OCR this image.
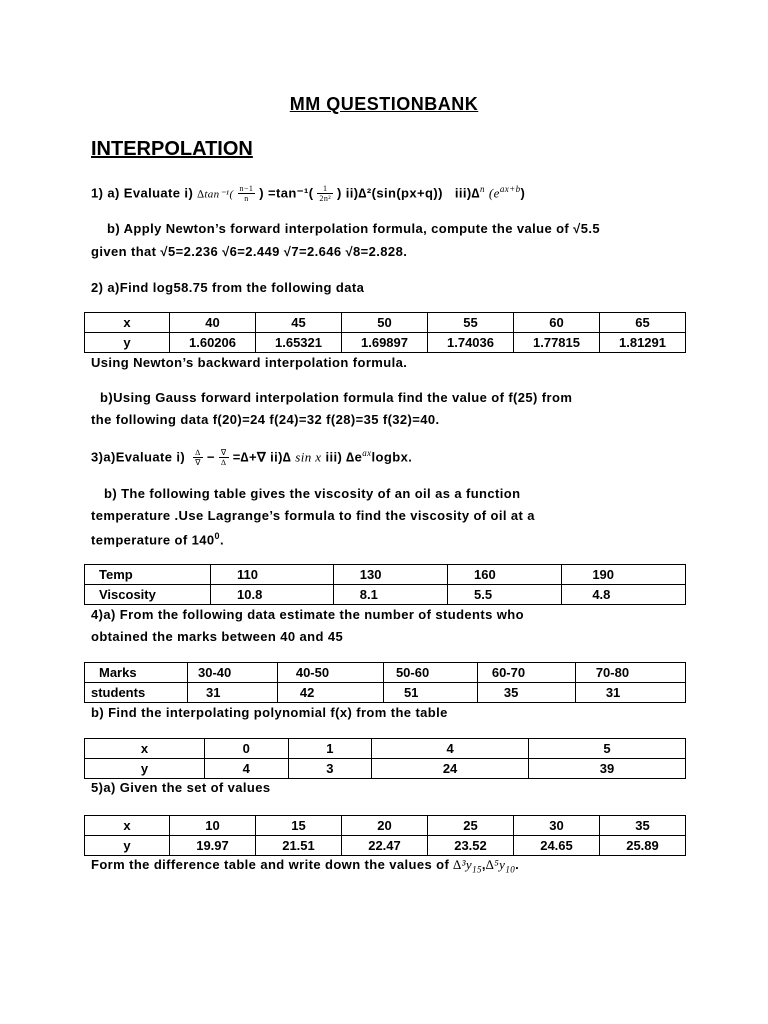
MM QUESTIONBANK
INTERPOLATION
1) a) Evaluate i) $\Delta\tan^{-1}( \frac{n-1}{n}$ ) $=\tan^{-1}( \frac{1}{\text{2n²}}$ ) ii)∆²(sin(px+q)) iii)∆$^n$ $(e^{ax+b})$
b) Apply Newton’s forward interpolation formula, compute the value of √5.5
given that √5=2.236 √6=2.449 √7=2.646 √8=2.828.
2) a)Find log58.75 from the following data
x	40	45	50	55	60	65
y	1.60206	1.65321	1.69897	1.74036	1.77815	1.81291
Using Newton’s backward interpolation formula.
b)Using Gauss forward interpolation formula find the value of f(25) from
the following data f(20)=24 f(24)=32 f(28)=35 f(32)=40.
3)a)Evaluate $i) \frac{\Delta}{\nabla} - \frac{\nabla}{\Delta}$ =∆+∇ ii)∆ sin x iii) $\Delta e^{ax}logbx$.
b) The following table gives the viscosity of an oil as a function
temperature .Use Lagrange’s formula to find the viscosity of oil at a
temperature of $140^0$.
Temp	110	130	160	190
Viscosity	10.8	8.1	5.5	4.8
4)a) From the following data estimate the number of students who
obtained the marks between 40 and 45
Marks	30-40	40-50	50-60	60-70	70-80
students	31	42	51	35	31
b) Find the interpolating polynomial f(x) from the table
x	0	1	4	5
y	4	3	24	39
5)a) Given the set of values
x	10	15	20	25	30	35
y	19.97	21.51	22.47	23.52	24.65	25.89
Form the difference table and write down the values of $\Delta^3y_{15},\Delta^5y_{10}$.
